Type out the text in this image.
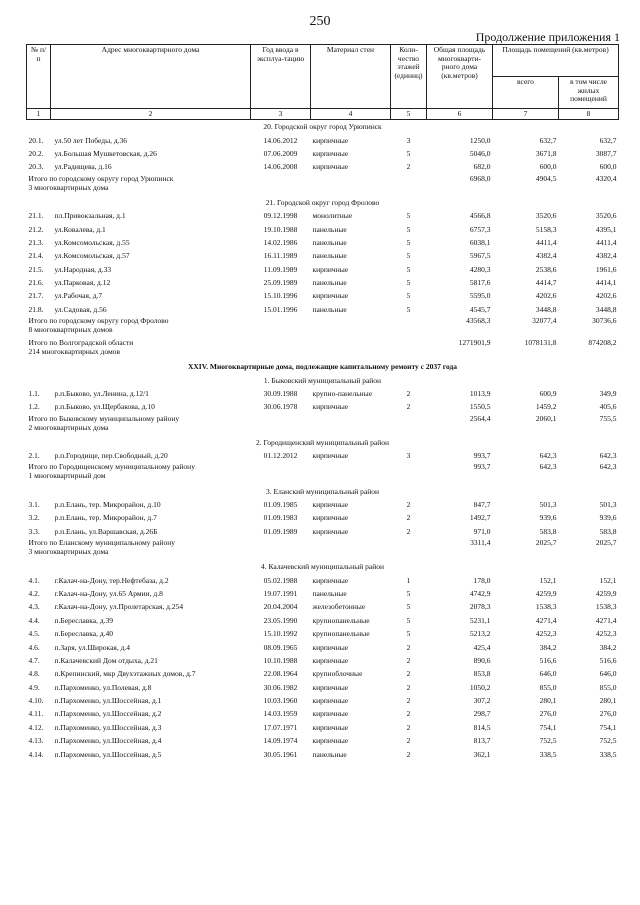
250
Продолжение приложения 1
№ п/п	Адрес многоквартирного дома	Год ввода в эксплуа-тацию	Материал стен	Коли-чество этажей (единиц)	Общая площадь многокварти-рного дома (кв.метров)	Площадь помещений (кв.метров)	
						всего	в том числе жилых помещений
1	2	3	4	5	6	7	8
20. Городской округ город Урюпинск							
20.1.	ул.50 лет Победы, д.36	14.06.2012	кирпичные	3	1250,0	632,7	632,7
20.2.	ул.Большая Мушкетовская, д.26	07.06.2009	кирпичные	5	5046,0	3671,8	3087,7
20.3.	ул.Радищева, д.16	14.06.2008	кирпичные	2	682,0	600,0	600,0

Итого по городскому округу город Урюпинск
3 многоквартирных дома					6968,0	4904,5	4320,4
21. Городской округ город Фролово							
21.1.	пл.Привокзальная, д.1	09.12.1998	монолитные	5	4566,8	3520,6	3520,6
21.2.	ул.Ковалева, д.1	19.10.1988	панельные	5	6757,3	5158,3	4395,1
21.3.	ул.Комсомольская, д.55	14.02.1986	панельные	5	6038,1	4411,4	4411,4
21.4.	ул.Комсомольская, д.57	16.11.1989	панельные	5	5967,5	4382,4	4382,4
21.5.	ул.Народная, д.33	11.09.1989	кирпичные	5	4280,3	2538,6	1961,6
21.6.	ул.Парковая, д.12	25.09.1989	панельные	5	5817,6	4414,7	4414,1
21.7.	ул.Рабочая, д.7	15.10.1996	кирпичные	5	5595,0	4202,6	4202,6
21.8.	ул.Садовая, д.56	15.01.1996	панельные	5	4545,7	3448,8	3448,8

Итого по городскому округу город Фролово
8 многоквартирных домов					43568,3	32077,4	30736,6

Итого по Волгоградской области
214 многоквартирных домов					1271901,9	1078131,8	874208,2
XXIV. Многоквартирные дома, подлежащие капитальному ремонту с 2037 года							
1. Быковский муниципальный район							
1.1.	р.п.Быково, ул.Ленина, д.12/1	30.09.1988	крупно-панельные	2	1013,9	600,9	349,9
1.2.	р.п.Быково, ул.Щербакова, д.10	30.06.1978	кирпичные	2	1550,5	1459,2	405,6

Итого по Быковскому муниципальному району
2 многоквартирных дома					2564,4	2060,1	755,5
2. Городищенский муниципальный район							
2.1.	р.п.Городище, пер.Свободный, д.20	01.12.2012	кирпичные	3	993,7	642,3	642,3

Итого по Городищенскому муниципальному району
1 многоквартирный дом					993,7	642,3	642,3
3. Еланский муниципальный район							
3.1.	р.п.Елань, тер. Микрорайон, д.10	01.09.1985	кирпичные	2	847,7	501,3	501,3
3.2.	р.п.Елань, тер. Микрорайон, д.7	01.09.1983	кирпичные	2	1492,7	939,6	939,6
3.3.	р.п.Елань, ул.Варшавская, д.26Б	01.09.1989	кирпичные	2	971,0	583,8	583,8

Итого по Еланскому муниципальному району
3 многоквартирных дома					3311,4	2025,7	2025,7
4. Калачевский муниципальный район							
4.1.	г.Калач-на-Дону, тер.Нефтебаза, д.2	05.02.1988	кирпичные	1	178,0	152,1	152,1
4.2.	г.Калач-на-Дону, ул.65 Армии, д.8	19.07.1991	панельные	5	4742,9	4259,9	4259,9
4.3.	г.Калач-на-Дону, ул.Пролетарская, д.254	20.04.2004	железобетонные	5	2078,3	1538,3	1538,3
4.4.	п.Береславка, д.39	23.05.1990	крупнопанельные	5	5231,1	4271,4	4271,4
4.5.	п.Береславка, д.40	15.10.1992	крупнопанельные	5	5213,2	4252,3	4252,3
4.6.	п.Заря, ул.Широкая, д.4	08.09.1965	кирпичные	2	425,4	384,2	384,2
4.7.	п.Калачевский Дом отдыха, д.21	10.10.1988	кирпичные	2	890,6	516,6	516,6
4.8.	п.Крепинский, мкр Двухэтажных домов, д.7	22.08.1964	крупноблочные	2	853,8	646,0	646,0
4.9.	п.Пархоменко, ул.Полевая, д.8	30.06.1982	кирпичные	2	1050,2	855,0	855,0
4.10.	п.Пархоменко, ул.Шоссейная, д.1	10.03.1960	кирпичные	2	307,2	280,1	280,1
4.11.	п.Пархоменко, ул.Шоссейная, д.2	14.03.1959	кирпичные	2	298,7	276,0	276,0
4.12.	п.Пархоменко, ул.Шоссейная, д.3	17.07.1971	кирпичные	2	814,5	754,1	754,1
4.13.	п.Пархоменко, ул.Шоссейная, д.4	14.09.1974	кирпичные	2	813,7	752,5	752,5
4.14.	п.Пархоменко, ул.Шоссейная, д.5	30.05.1961	панельные	2	362,1	338,5	338,5
